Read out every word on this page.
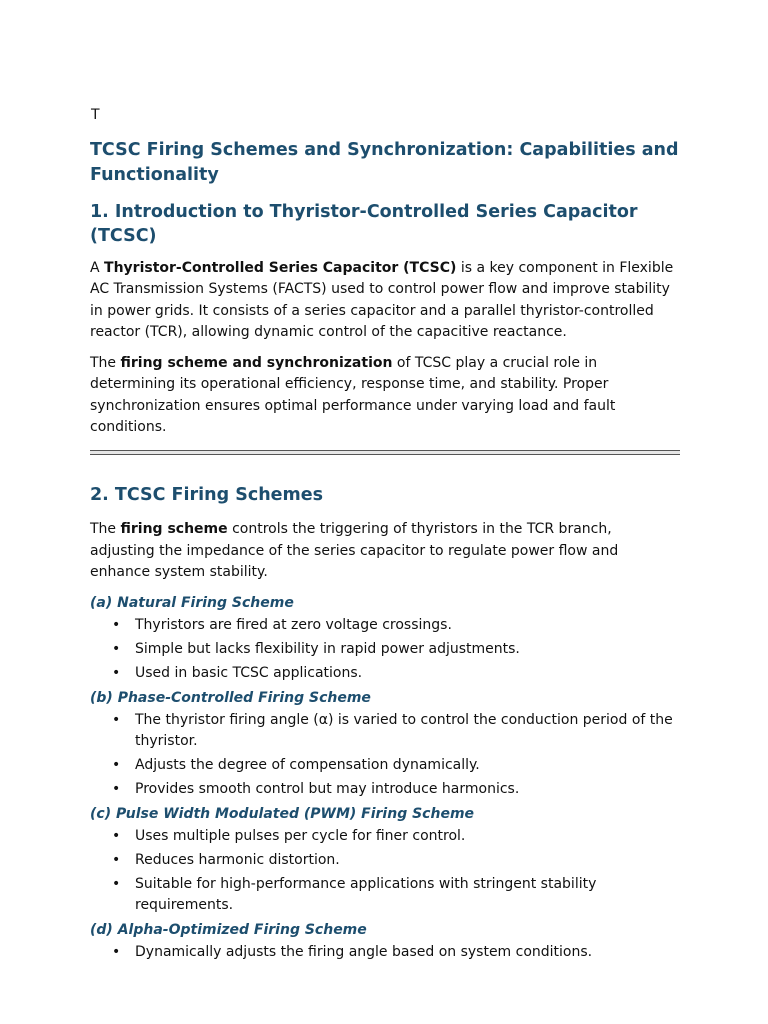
T
TCSC Firing Schemes and Synchronization: Capabilities and Functionality
1. Introduction to Thyristor-Controlled Series Capacitor (TCSC)

A Thyristor-Controlled Series Capacitor (TCSC) is a key component in Flexible AC Transmission Systems (FACTS) used to control power flow and improve stability in power grids. It consists of a series capacitor and a parallel thyristor-controlled reactor (TCR), allowing dynamic control of the capacitive reactance.

The firing scheme and synchronization of TCSC play a crucial role in determining its operational efficiency, response time, and stability. Proper synchronization ensures optimal performance under varying load and fault conditions.

2. TCSC Firing Schemes

The firing scheme controls the triggering of thyristors in the TCR branch, adjusting the impedance of the series capacitor to regulate power flow and enhance system stability.

(a) Natural Firing Scheme
• Thyristors are fired at zero voltage crossings.
• Simple but lacks flexibility in rapid power adjustments.
• Used in basic TCSC applications.
(b) Phase-Controlled Firing Scheme
• The thyristor firing angle (α) is varied to control the conduction period of the thyristor.
• Adjusts the degree of compensation dynamically.
• Provides smooth control but may introduce harmonics.
(c) Pulse Width Modulated (PWM) Firing Scheme
• Uses multiple pulses per cycle for finer control.
• Reduces harmonic distortion.
• Suitable for high-performance applications with stringent stability requirements.
(d) Alpha-Optimized Firing Scheme
• Dynamically adjusts the firing angle based on system conditions.
